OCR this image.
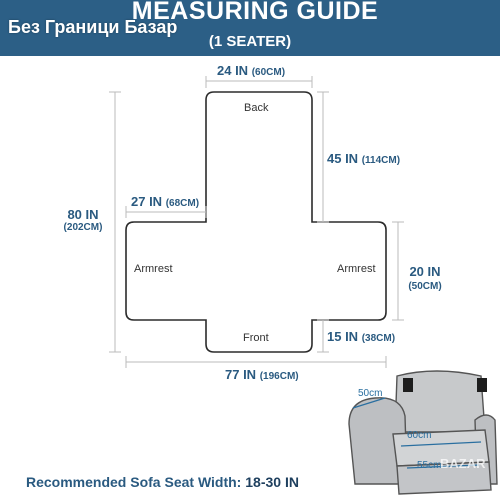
MEASURING GUIDE
(1 SEATER)
Без Граници Базар
24 IN (60CM)
45 IN (114CM)
27 IN (68CM)
80 IN
(202CM)
20 IN
(50CM)
15 IN (38CM)
77 IN (196CM)
Back
Armrest	Armrest
Front
50cm
60cm
55cm
BAZAR
Recommended Sofa Seat Width: 18-30 IN
